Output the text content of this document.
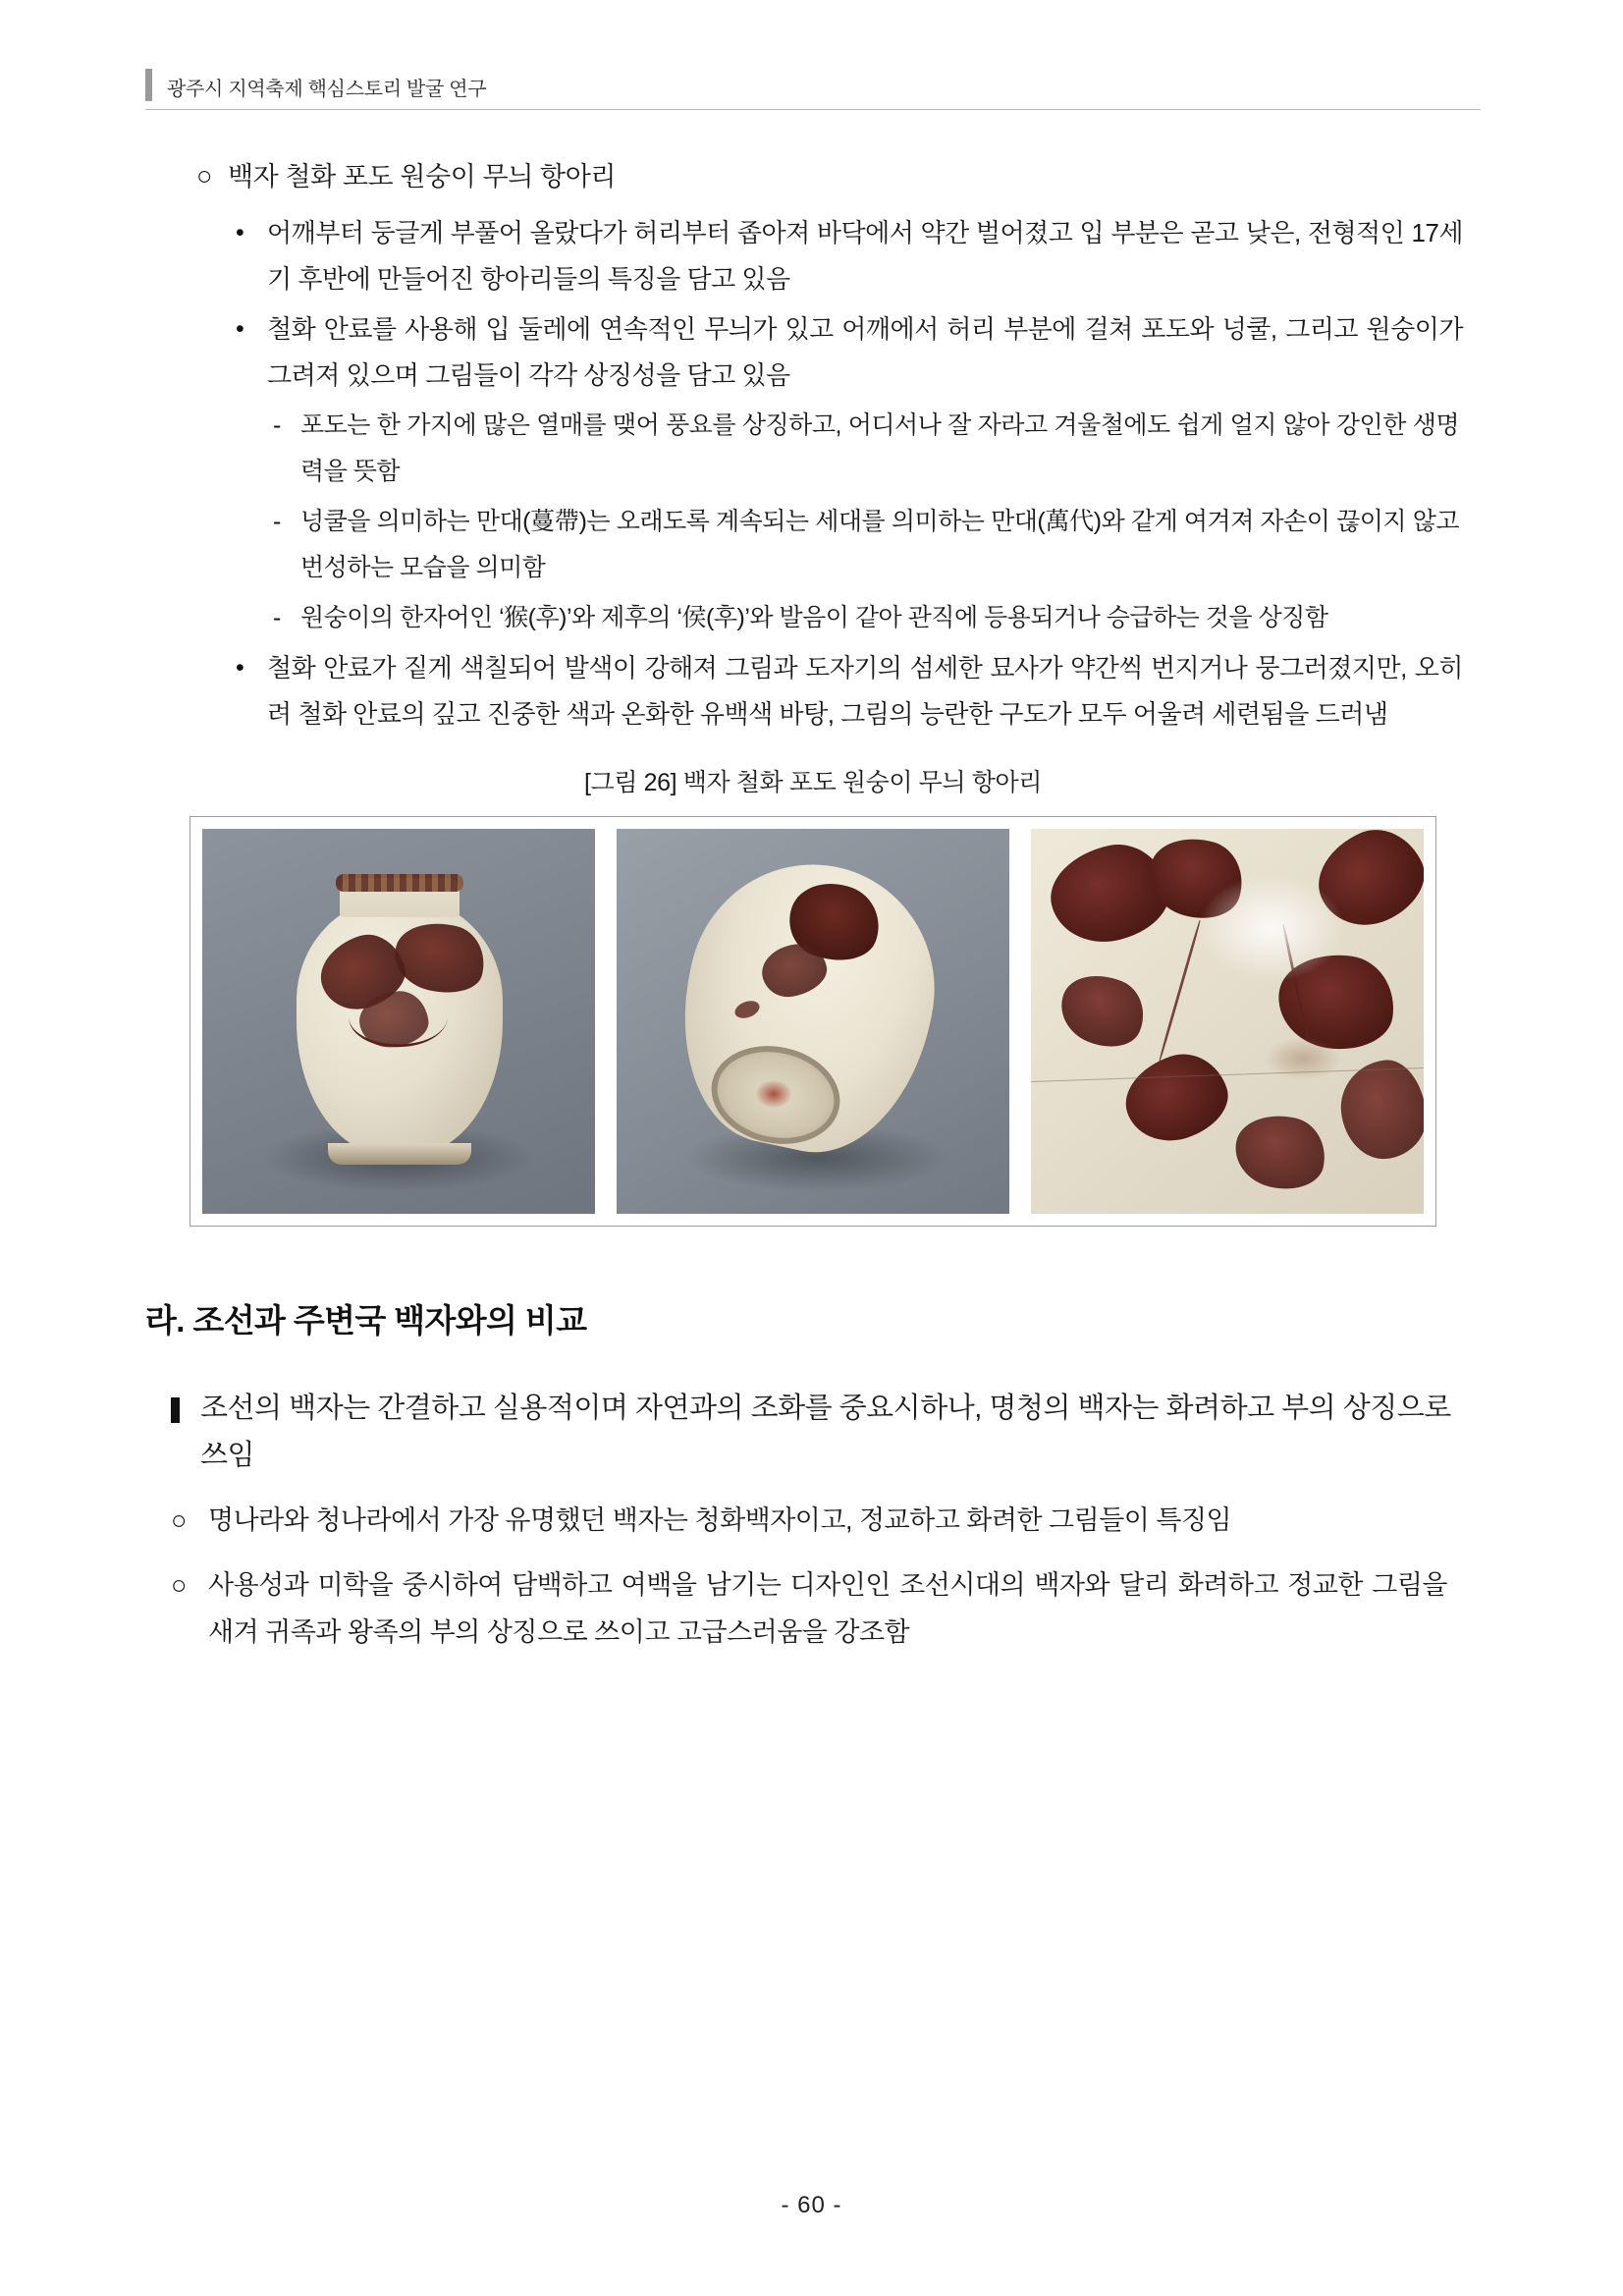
광주시 지역축제 핵심스토리 발굴 연구
○ 백자 철화 포도 원숭이 무늬 항아리
• 어깨부터 둥글게 부풀어 올랐다가 허리부터 좁아져 바닥에서 약간 벌어졌고 입 부분은 곧고 낮은, 전형적인 17세기 후반에 만들어진 항아리들의 특징을 담고 있음
• 철화 안료를 사용해 입 둘레에 연속적인 무늬가 있고 어깨에서 허리 부분에 걸쳐 포도와 넝쿨, 그리고 원숭이가 그려져 있으며 그림들이 각각 상징성을 담고 있음
- 포도는 한 가지에 많은 열매를 맺어 풍요를 상징하고, 어디서나 잘 자라고 겨울철에도 쉽게 얼지 않아 강인한 생명력을 뜻함
- 넝쿨을 의미하는 만대(蔓帶)는 오래도록 계속되는 세대를 의미하는 만대(萬代)와 같게 여겨져 자손이 끊이지 않고 번성하는 모습을 의미함
- 원숭이의 한자어인 ‘猴(후)’와 제후의 ‘侯(후)’와 발음이 같아 관직에 등용되거나 승급하는 것을 상징함
• 철화 안료가 짙게 색칠되어 발색이 강해져 그림과 도자기의 섬세한 묘사가 약간씩 번지거나 뭉그러졌지만, 오히려 철화 안료의 깊고 진중한 색과 온화한 유백색 바탕, 그림의 능란한 구도가 모두 어울려 세련됨을 드러냄
[그림 26] 백자 철화 포도 원숭이 무늬 항아리
라. 조선과 주변국 백자와의 비교
조선의 백자는 간결하고 실용적이며 자연과의 조화를 중요시하나, 명청의 백자는 화려하고 부의 상징으로 쓰임
○ 명나라와 청나라에서 가장 유명했던 백자는 청화백자이고, 정교하고 화려한 그림들이 특징임
○ 사용성과 미학을 중시하여 담백하고 여백을 남기는 디자인인 조선시대의 백자와 달리 화려하고 정교한 그림을 새겨 귀족과 왕족의 부의 상징으로 쓰이고 고급스러움을 강조함
- 60 -
